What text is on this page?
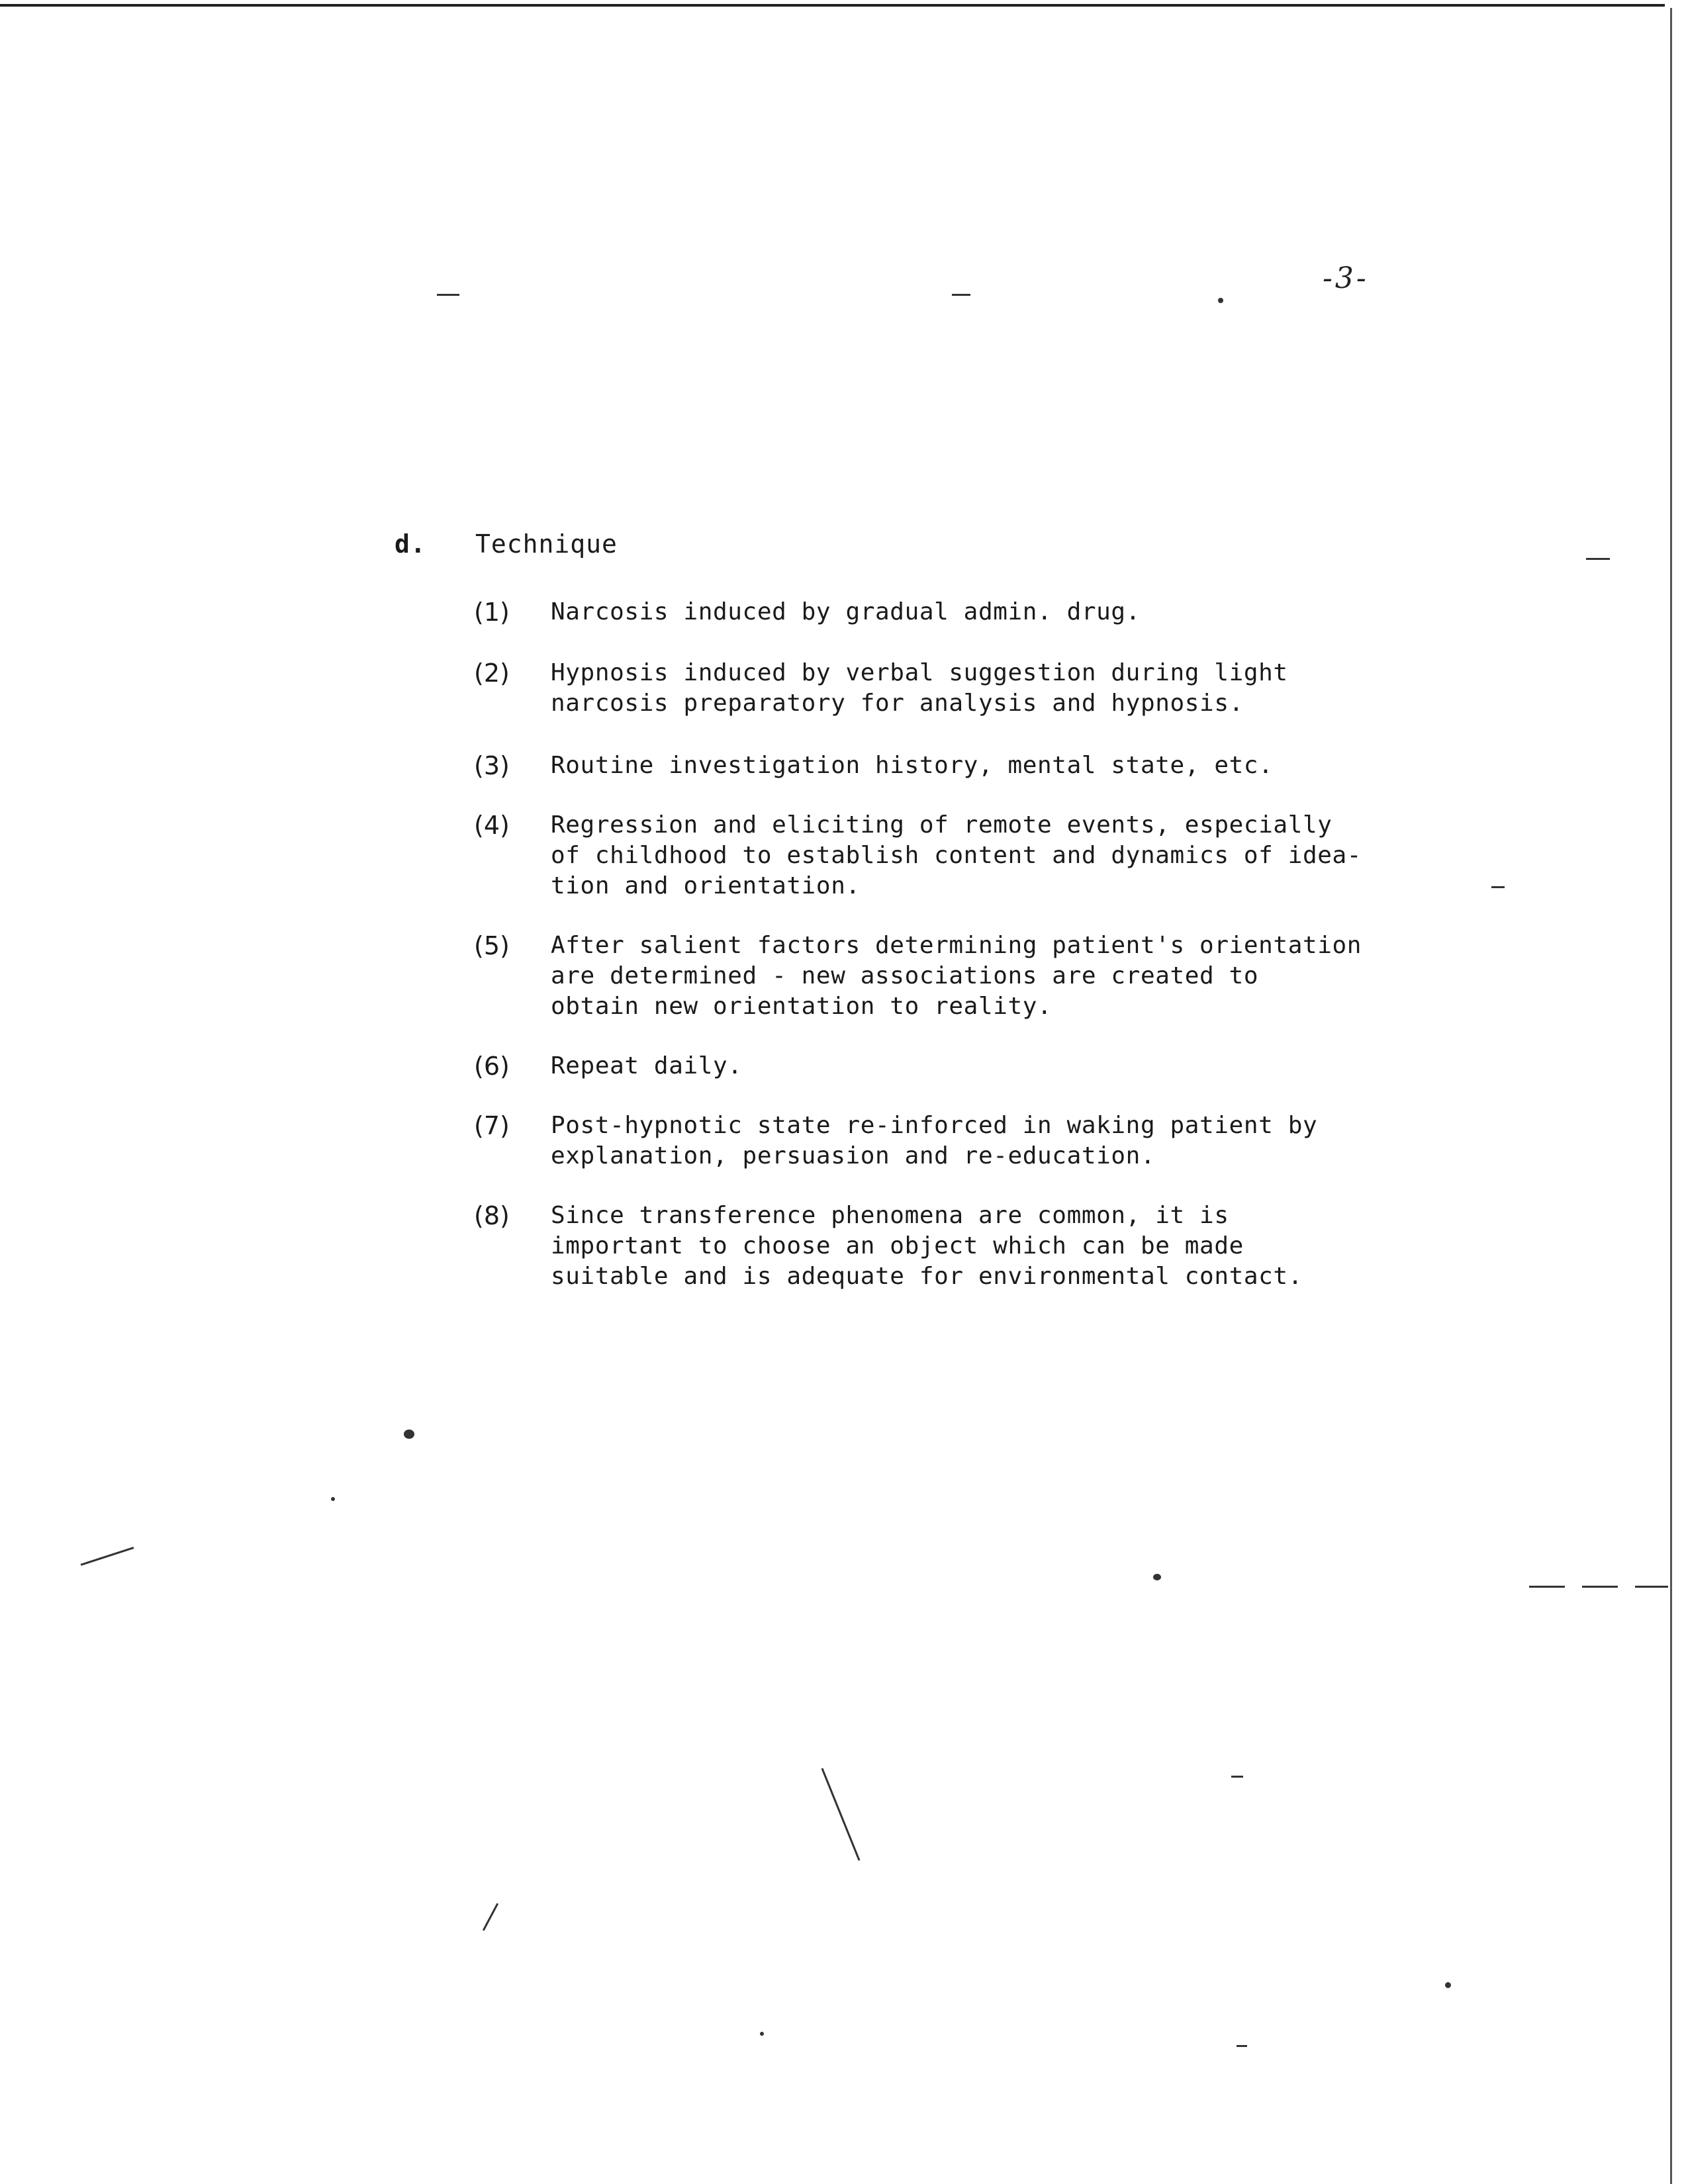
-3-
d.	Technique
(1)	Narcosis induced by gradual admin. drug.
(2)	Hypnosis induced by verbal suggestion during light
narcosis preparatory for analysis and hypnosis.
(3)	Routine investigation history, mental state, etc.
(4)	Regression and eliciting of remote events, especially
of childhood to establish content and dynamics of idea-
tion and orientation.
(5)	After salient factors determining patient's orientation
are determined - new associations are created to
obtain new orientation to reality.
(6)	Repeat daily.
(7)	Post-hypnotic state re-inforced in waking patient by
explanation, persuasion and re-education.
(8)	Since transference phenomena are common, it is
important to choose an object which can be made
suitable and is adequate for environmental contact.
